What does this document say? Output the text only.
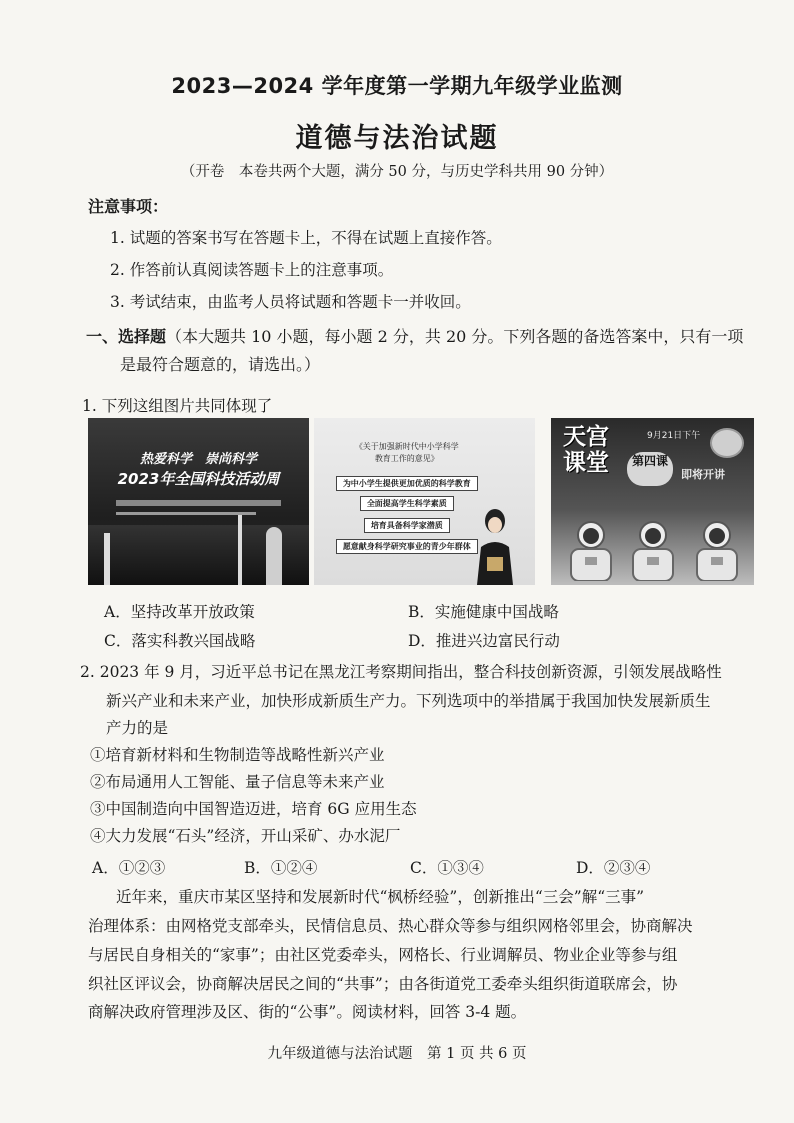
2023—2024 学年度第一学期九年级学业监测
道德与法治试题
（开卷　本卷共两个大题，满分 50 分，与历史学科共用 90 分钟）
注意事项：
1. 试题的答案书写在答题卡上，不得在试题上直接作答。
2. 作答前认真阅读答题卡上的注意事项。
3. 考试结束，由监考人员将试题和答题卡一并收回。
一、选择题（本大题共 10 小题，每小题 2 分，共 20 分。下列各题的备选答案中，只有一项
是最符合题意的，请选出。）
1. 下列这组图片共同体现了
热爱科学　崇尚科学
2023年全国科技活动周
《关于加强新时代中小学科学
教育工作的意见》
为中小学生提供更加优质的科学教育
全面提高学生科学素质
培育具备科学家潜质
愿意献身科学研究事业的青少年群体
天宫课堂
9月21日下午
第四课
即将开讲
A．坚持改革开放政策	B．实施健康中国战略
C．落实科教兴国战略	D．推进兴边富民行动
2. 2023 年 9 月，习近平总书记在黑龙江考察期间指出，整合科技创新资源，引领发展战略性
新兴产业和未来产业，加快形成新质生产力。下列选项中的举措属于我国加快发展新质生
产力的是
①培育新材料和生物制造等战略性新兴产业
②布局通用人工智能、量子信息等未来产业
③中国制造向中国智造迈进，培育 6G 应用生态
④大力发展“石头”经济，开山采矿、办水泥厂
A．①②③	B．①②④	C．①③④	D．②③④
近年来，重庆市某区坚持和发展新时代“枫桥经验”，创新推出“三会”解“三事”
治理体系：由网格党支部牵头，民情信息员、热心群众等参与组织网格邻里会，协商解决
与居民自身相关的“家事”；由社区党委牵头，网格长、行业调解员、物业企业等参与组
织社区评议会，协商解决居民之间的“共事”；由各街道党工委牵头组织街道联席会，协
商解决政府管理涉及区、街的“公事”。阅读材料，回答 3-4 题。
九年级道德与法治试题　第 1 页 共 6 页
